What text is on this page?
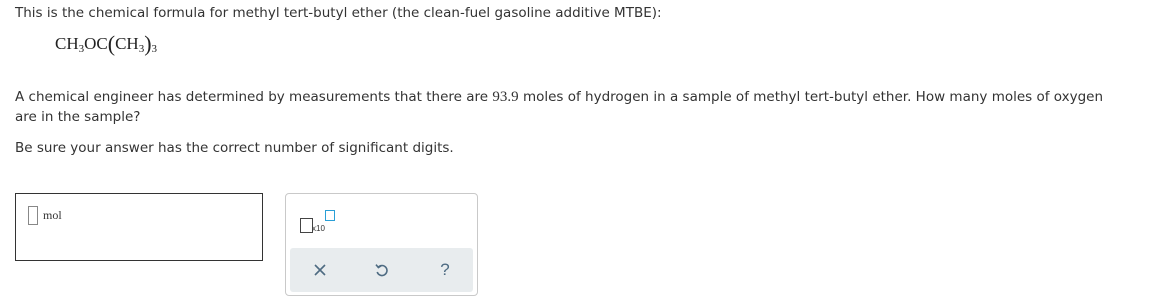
This is the chemical formula for methyl tert-butyl ether (the clean-fuel gasoline additive MTBE):
$CH_3OC(CH_3)_3$
A chemical engineer has determined by measurements that there are 93.9 moles of hydrogen in a sample of methyl tert-butyl ether. How many moles of oxygen
are in the sample?
Be sure your answer has the correct number of significant digits.
mol
x10
?
